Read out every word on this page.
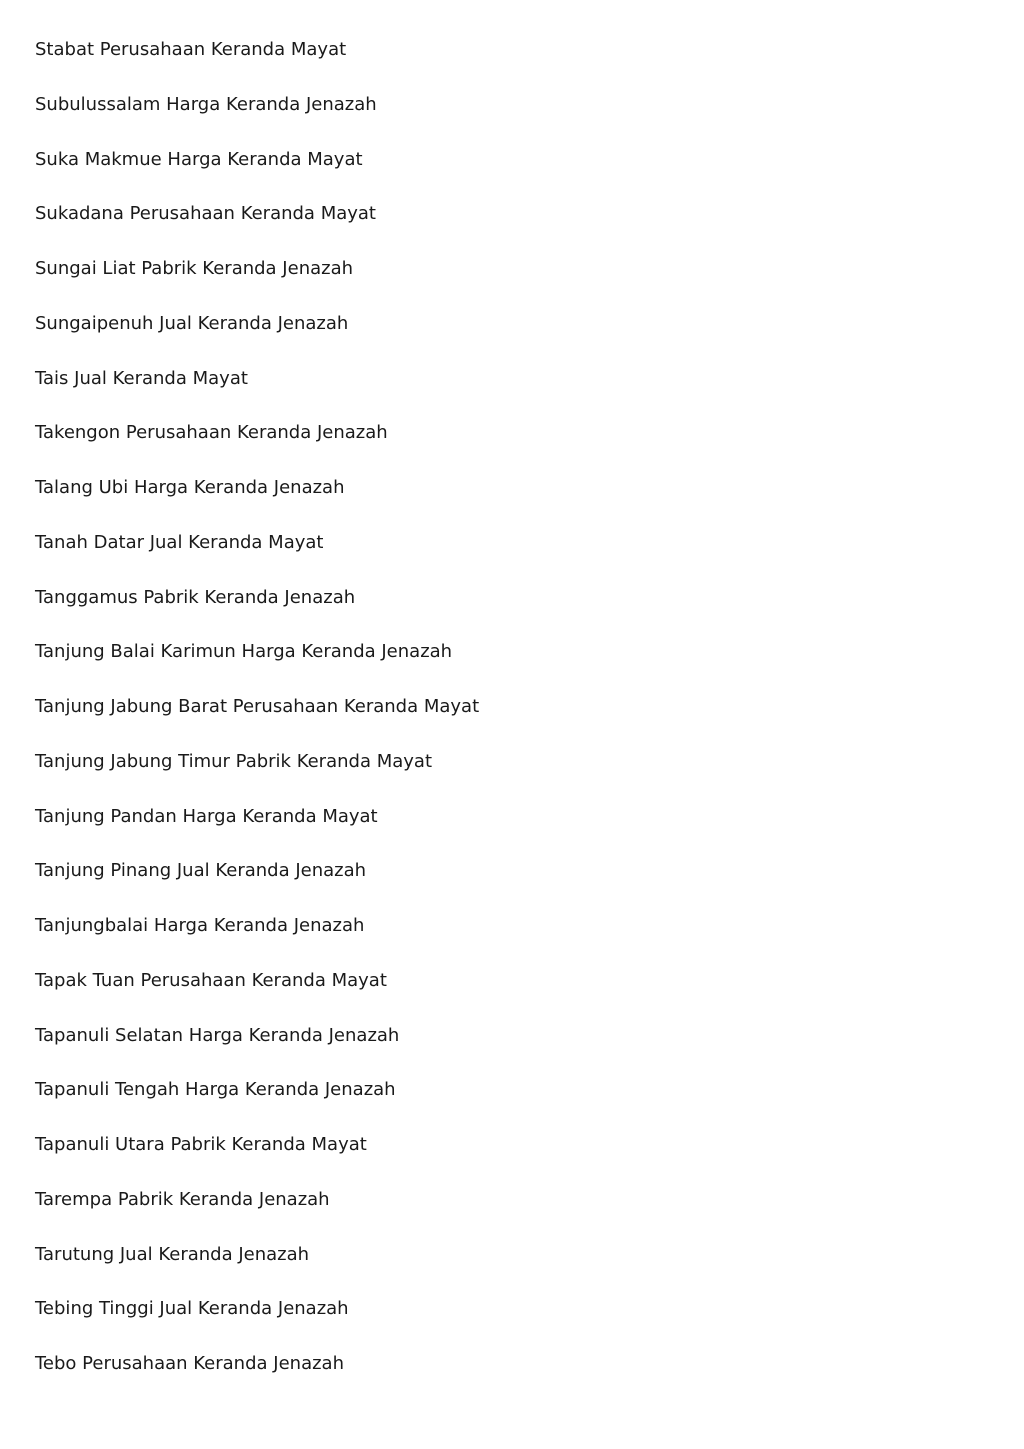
Stabat Perusahaan Keranda Mayat
Subulussalam Harga Keranda Jenazah
Suka Makmue Harga Keranda Mayat
Sukadana Perusahaan Keranda Mayat
Sungai Liat Pabrik Keranda Jenazah
Sungaipenuh Jual Keranda Jenazah
Tais Jual Keranda Mayat
Takengon Perusahaan Keranda Jenazah
Talang Ubi Harga Keranda Jenazah
Tanah Datar Jual Keranda Mayat
Tanggamus Pabrik Keranda Jenazah
Tanjung Balai Karimun Harga Keranda Jenazah
Tanjung Jabung Barat Perusahaan Keranda Mayat
Tanjung Jabung Timur Pabrik Keranda Mayat
Tanjung Pandan Harga Keranda Mayat
Tanjung Pinang Jual Keranda Jenazah
Tanjungbalai Harga Keranda Jenazah
Tapak Tuan Perusahaan Keranda Mayat
Tapanuli Selatan Harga Keranda Jenazah
Tapanuli Tengah Harga Keranda Jenazah
Tapanuli Utara Pabrik Keranda Mayat
Tarempa Pabrik Keranda Jenazah
Tarutung Jual Keranda Jenazah
Tebing Tinggi Jual Keranda Jenazah
Tebo Perusahaan Keranda Jenazah
